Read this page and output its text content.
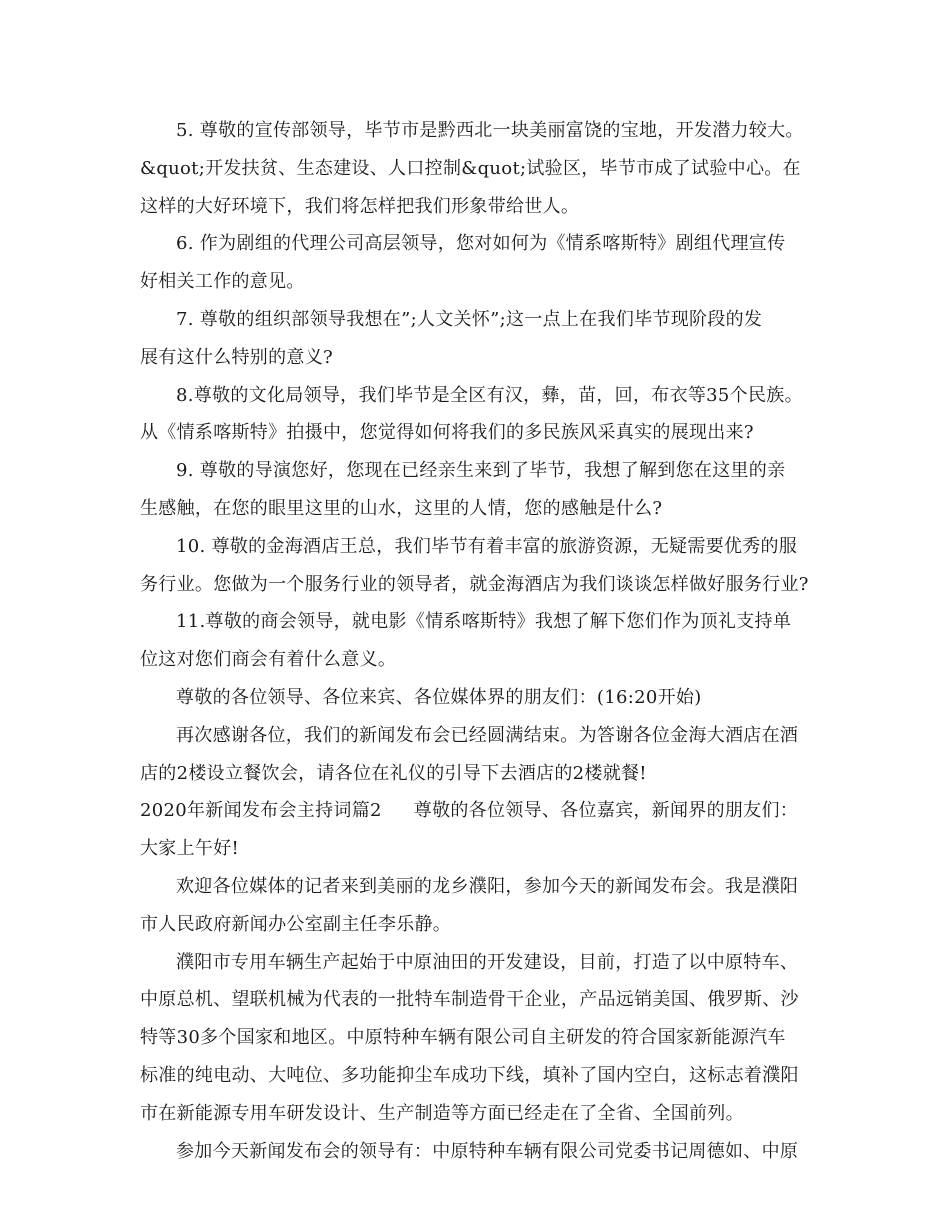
5. 尊敬的宣传部领导，毕节市是黔西北一块美丽富饶的宝地，开发潜力较大。
&quot;开发扶贫、生态建设、人口控制&quot;试验区，毕节市成了试验中心。在
这样的大好环境下，我们将怎样把我们形象带给世人。
6. 作为剧组的代理公司高层领导，您对如何为《情系喀斯特》剧组代理宣传
好相关工作的意见。
7. 尊敬的组织部领导我想在”;人文关怀”;这一点上在我们毕节现阶段的发
展有这什么特别的意义?
8.尊敬的文化局领导，我们毕节是全区有汉，彝，苗，回，布衣等35个民族。
从《情系喀斯特》拍摄中，您觉得如何将我们的多民族风采真实的展现出来?
9. 尊敬的导演您好，您现在已经亲生来到了毕节，我想了解到您在这里的亲
生感触，在您的眼里这里的山水，这里的人情，您的感触是什么?
10. 尊敬的金海酒店王总，我们毕节有着丰富的旅游资源，无疑需要优秀的服
务行业。您做为一个服务行业的领导者，就金海酒店为我们谈谈怎样做好服务行业?
11.尊敬的商会领导，就电影《情系喀斯特》我想了解下您们作为顶礼支持单
位这对您们商会有着什么意义。
尊敬的各位领导、各位来宾、各位媒体界的朋友们：(16:20开始)
再次感谢各位，我们的新闻发布会已经圆满结束。为答谢各位金海大酒店在酒
店的2楼设立餐饮会，请各位在礼仪的引导下去酒店的2楼就餐!
2020年新闻发布会主持词篇2 尊敬的各位领导、各位嘉宾，新闻界的朋友们：
大家上午好!
欢迎各位媒体的记者来到美丽的龙乡濮阳，参加今天的新闻发布会。我是濮阳
市人民政府新闻办公室副主任李乐静。
濮阳市专用车辆生产起始于中原油田的开发建设，目前，打造了以中原特车、
中原总机、望联机械为代表的一批特车制造骨干企业，产品远销美国、俄罗斯、沙
特等30多个国家和地区。中原特种车辆有限公司自主研发的符合国家新能源汽车
标准的纯电动、大吨位、多功能抑尘车成功下线，填补了国内空白，这标志着濮阳
市在新能源专用车研发设计、生产制造等方面已经走在了全省、全国前列。
参加今天新闻发布会的领导有：中原特种车辆有限公司党委书记周德如、中原
